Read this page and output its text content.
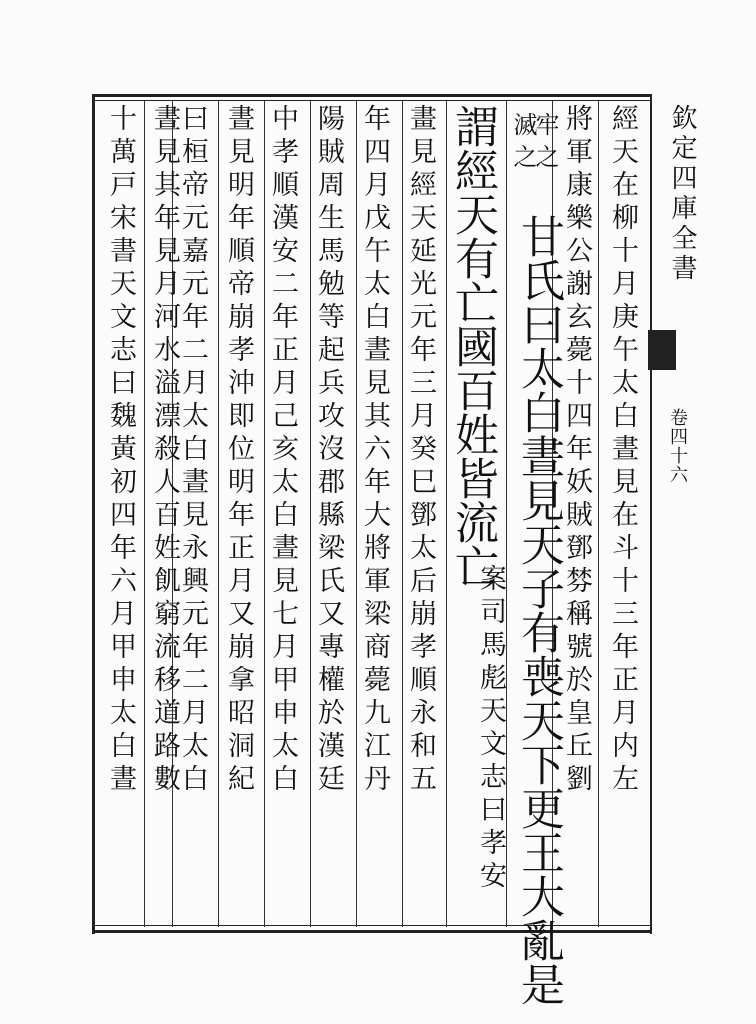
欽定四庫全書
卷四十六
經天在柳十月庚午太白晝見在斗十三年正月内左
將軍康樂公謝玄薨十四年妖賊鄧棼稱號於皇丘劉
牢之
滅之
甘氏曰太白晝見天子有喪天下更王大亂是
謂經天有亡國百姓皆流亡
案司馬彪天文志曰孝安
畫見經天延光元年三月癸巳鄧太后崩孝順永和五
年四月戊午太白晝見其六年大將軍梁商薨九江丹
陽賊周生馬勉等起兵攻沒郡縣梁氏又專權於漢廷
中孝順漢安二年正月己亥太白晝見七月甲申太白
晝見明年順帝崩孝沖即位明年正月又崩拿昭洞紀
曰桓帝元嘉元年二月太白晝見永興元年二月太白
晝見其年見月河水溢漂殺人百姓飢窮流移道路數
十萬戸宋書天文志曰魏黃初四年六月甲申太白晝
